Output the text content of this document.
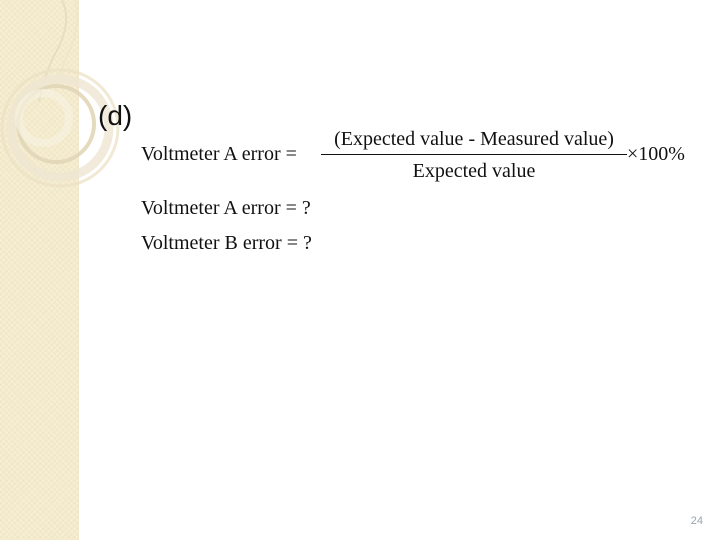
(d)
Voltmeter A error =
(Expected value - Measured value)
Expected value
×100%
Voltmeter A error = ?
Voltmeter B error = ?
24
